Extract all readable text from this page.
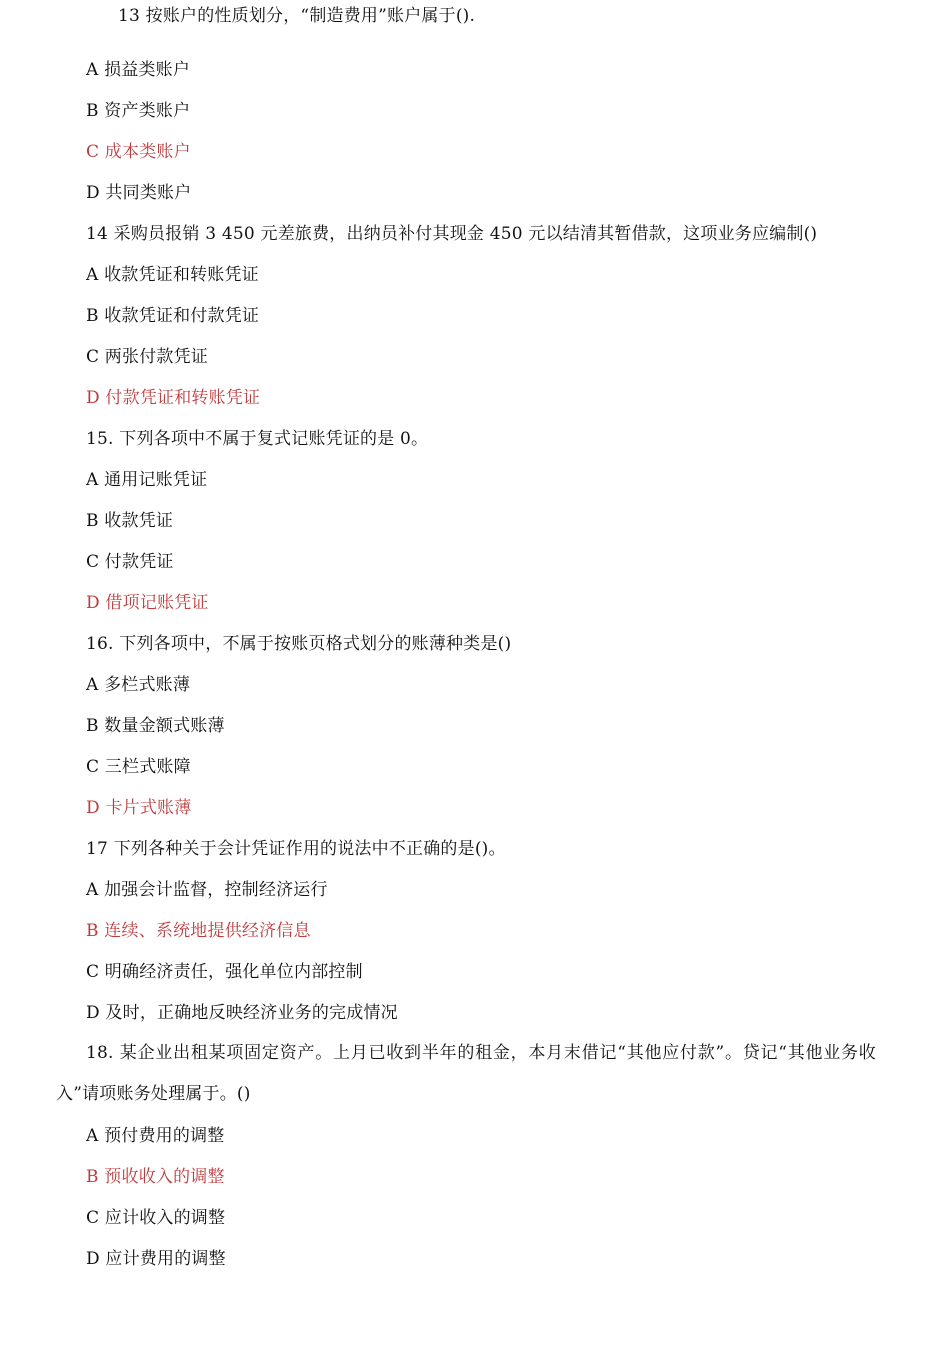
13 按账户的性质划分，“制造费用”账户属于().
A 损益类账户
B 资产类账户
C 成本类账户
D 共同类账户
14 采购员报销 3 450 元差旅费，出纳员补付其现金 450 元以结清其暂借款，这项业务应编制()
A 收款凭证和转账凭证
B 收款凭证和付款凭证
C 两张付款凭证
D 付款凭证和转账凭证
15. 下列各项中不属于复式记账凭证的是 0。
A 通用记账凭证
B 收款凭证
C 付款凭证
D 借项记账凭证
16. 下列各项中，不属于按账页格式划分的账薄种类是()
A 多栏式账薄
B 数量金额式账薄
C 三栏式账障
D 卡片式账薄
17 下列各种关于会计凭证作用的说法中不正确的是()。
A 加强会计监督，控制经济运行
B 连续、系统地提供经济信息
C 明确经济责任，强化单位内部控制
D 及时，正确地反映经济业务的完成情况
18. 某企业出租某项固定资产。上月已收到半年的租金，本月末借记“其他应付款”。贷记“其他业务收入”请项账务处理属于。()
A 预付费用的调整
B 预收收入的调整
C 应计收入的调整
D 应计费用的调整
